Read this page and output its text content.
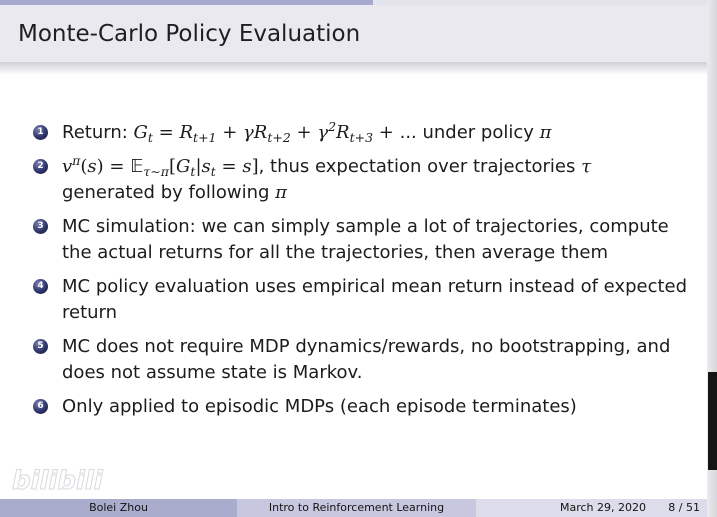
Monte-Carlo Policy Evaluation
1 Return: $G_t = R_{t+1} + \gamma R_{t+2} + \gamma^2R_{t+3}$ + ... under policy π
2 $v^\pi(s)$ = $𝔼_{\tau\sim\pi}[G_t|s_t = s]$, thus expectation over trajectories τ
generated by following π
3 MC simulation: we can simply sample a lot of trajectories, compute
the actual returns for all the trajectories, then average them
4 MC policy evaluation uses empirical mean return instead of expected
return
5 MC does not require MDP dynamics/rewards, no bootstrapping, and
does not assume state is Markov.
6 Only applied to episodic MDPs (each episode terminates)
bilibili
Bolei Zhou	Intro to Reinforcement Learning	March 29, 2020 8 / 51
